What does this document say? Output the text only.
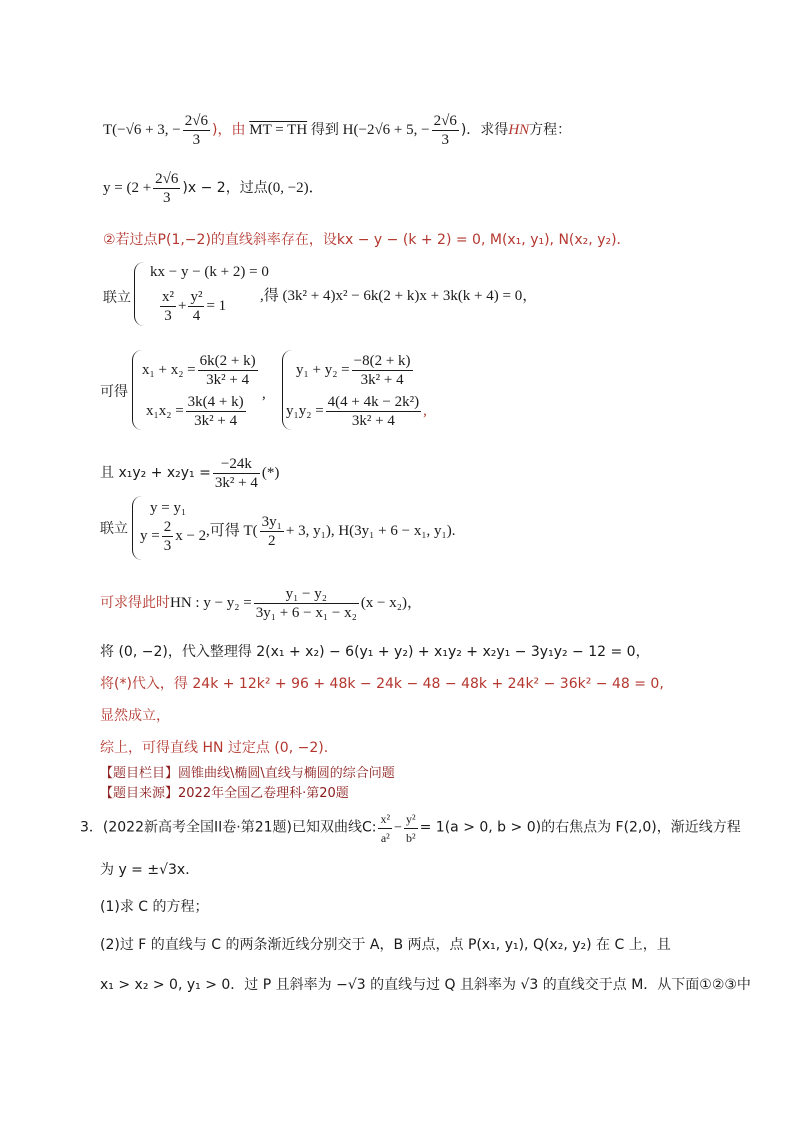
T(−√6 + 3, − $\frac{2√6}{3}$ )，由 MT = TH 得到 H(−2√6 + 5, − $\frac{2√6}{3}$ )．求得HN方程：
$y = (2 + \frac{2√6}{3} )x - 2$，过点(0, −2)．
②若过点P(1,−2)的直线斜率存在，设kx − y − (k + 2) = 0, M(x₁, y₁), N(x₂, y₂)．
联立
kx − y − (k + 2) = 0
$\frac{\text{x²}}{3} + \frac{\text{y²}}{4} = 1$
,得 (3k² + 4)x² − 6k(2 + k)x + 3k(k + 4) = 0，
可得
$x_1 + x_2 = \frac{6k(2 + k)}{\text{3k² + 4}}$
$x_1x_2 = \frac{3k(4 + k)}{\text{3k² + 4}}$ ,
$y_1 + y_2 = \frac{-8(2 + k)}{\text{3k² + 4}}$
$y_1y_2 = \frac{\text{4(4 + 4k − 2k²)}}{\text{3k² + 4}}$ ,
且 $x_1y_2 + x_2y_1 = \frac{-24k}{\text{3k² + 4}}$ (*)
联立
y = y₁
$y = \frac{2}{3}$ x − 2 ,可得 $T( \frac{\text{3y₁}}{2} + 3$, y₁), H(3y₁ + 6 − x₁, y₁).
可求得此时HN : $y - y_2 = \frac{\text{y₁ − y₂}}{\text{3y₁ + 6 − x₁ − x₂}} (x - x_2)$，
将 (0, −2)，代入整理得 2(x₁ + x₂) − 6(y₁ + y₂) + x₁y₂ + x₂y₁ − 3y₁y₂ − 12 = 0，
将(*)代入，得 24k + 12k² + 96 + 48k − 24k − 48 − 48k + 24k² − 36k² − 48 = 0,
显然成立，
综上，可得直线 HN 过定点 (0, −2).
【题目栏目】圆锥曲线\椭圆\直线与椭圆的综合问题
【题目来源】2022年全国乙卷理科·第20题
3．(2022新高考全国II卷·第21题)已知双曲线C: $\frac{\text{x²}}{\text{a²}} - \frac{\text{y²}}{\text{b²}} = 1(a > 0$, b > 0)的右焦点为 F(2,0)，渐近线方程
为 y = ±√3x．
(1)求 C 的方程；
(2)过 F 的直线与 C 的两条渐近线分别交于 A，B 两点，点 P(x₁, y₁), Q(x₂, y₂) 在 C 上，且
x₁ > x₂ > 0, y₁ > 0．过 P 且斜率为 −√3 的直线与过 Q 且斜率为 √3 的直线交于点 M．从下面①②③中
